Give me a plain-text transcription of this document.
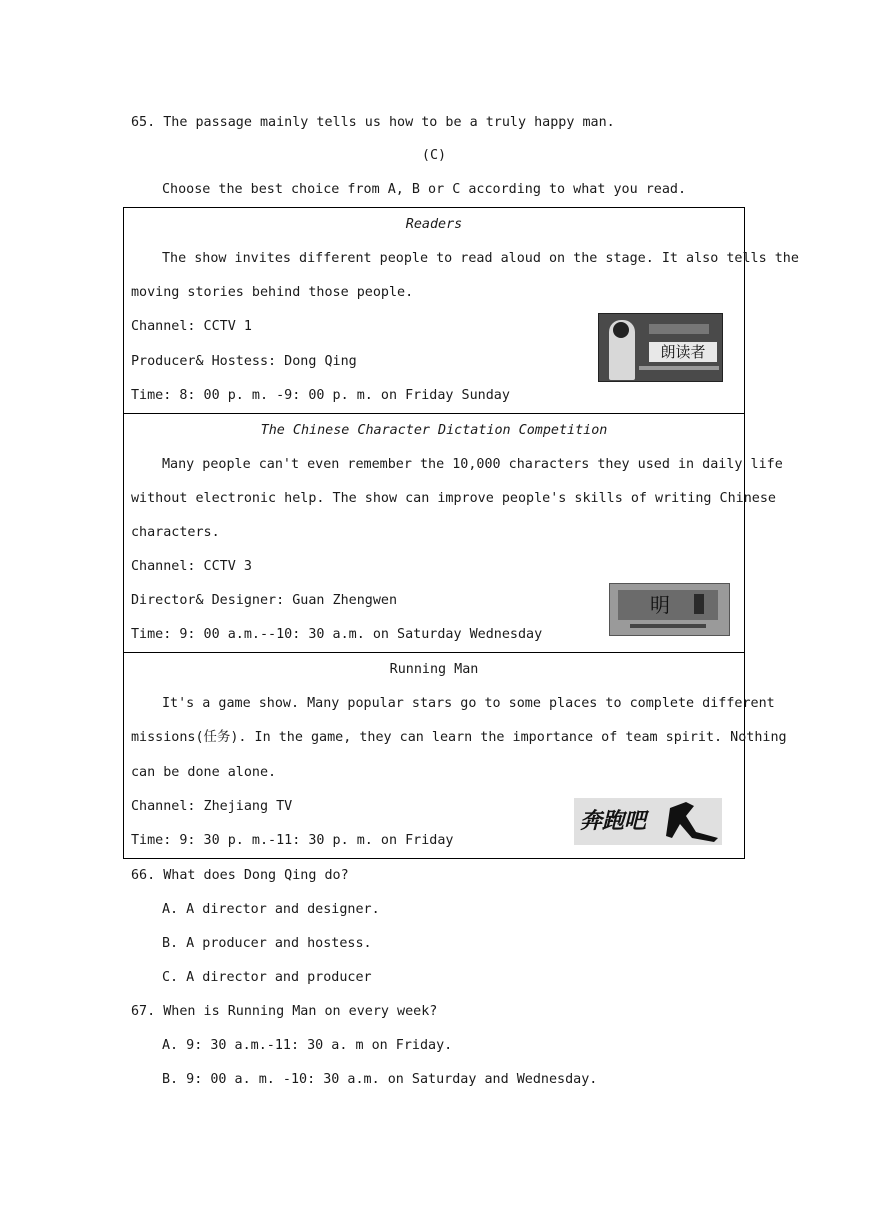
65. The passage mainly tells us how to be a truly happy man.
(C)
Choose the best choice from A, B or C according to what you read.
Readers
The show invites different people to read aloud on the stage. It also tells the
moving stories behind those people.
Channel: CCTV 1
Producer& Hostess: Dong Qing
Time: 8: 00 p. m. -9: 00 p. m. on Friday Sunday
朗读者
The Chinese Character Dictation Competition
Many people can't even remember the 10,000 characters they used in daily life
without electronic help. The show can improve people's skills of writing Chinese
characters.
Channel: CCTV 3
Director& Designer: Guan Zhengwen
Time: 9: 00 a.m.--10: 30 a.m. on Saturday Wednesday
明
Running Man
It's a game show. Many popular stars go to some places to complete different
missions(任务). In the game, they can learn the importance of team spirit. Nothing
can be done alone.
Channel: Zhejiang TV
Time: 9: 30 p. m.-11: 30 p. m. on Friday
奔跑吧
66. What does Dong Qing do?
A. A director and designer.
B. A producer and hostess.
C. A director and producer
67. When is Running Man on every week?
A. 9: 30 a.m.-11: 30 a. m on Friday.
B. 9: 00 a. m. -10: 30 a.m. on Saturday and Wednesday.
